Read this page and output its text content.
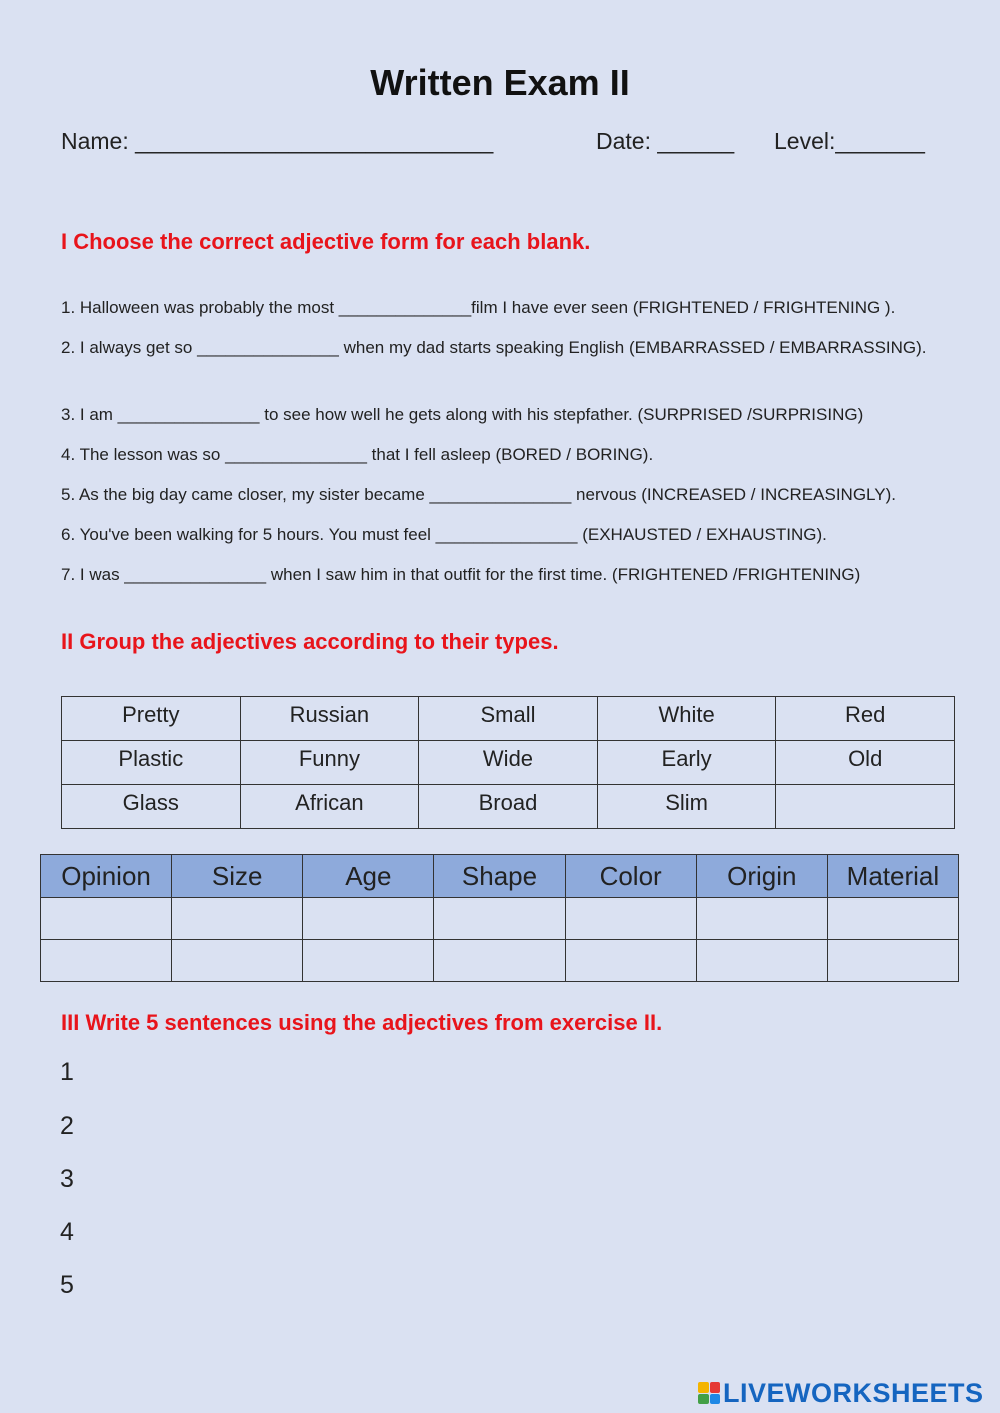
Written Exam II
Name: ____________________________	Date: ______ Level:_______
I Choose the correct adjective form for each blank.
1. Halloween was probably the most ______________film I have ever seen (FRIGHTENED / FRIGHTENING ).
2. I always get so _______________ when my dad starts speaking English (EMBARRASSED / EMBARRASSING).
3. I am _______________ to see how well he gets along with his stepfather. (SURPRISED /SURPRISING)
4. The lesson was so _______________ that I fell asleep (BORED / BORING).
5. As the big day came closer, my sister became _______________ nervous (INCREASED / INCREASINGLY).
6. You've been walking for 5 hours. You must feel _______________ (EXHAUSTED / EXHAUSTING).
7. I was _______________ when I saw him in that outfit for the first time. (FRIGHTENED /FRIGHTENING)
II Group the adjectives according to their types.
Pretty	Russian	Small	White	Red
Plastic	Funny	Wide	Early	Old
Glass	African	Broad	Slim	
Opinion	Size	Age	Shape	Color	Origin	Material

III Write 5 sentences using the adjectives from exercise II.
1
2
3
4
5
LIVEWORKSHEETS
